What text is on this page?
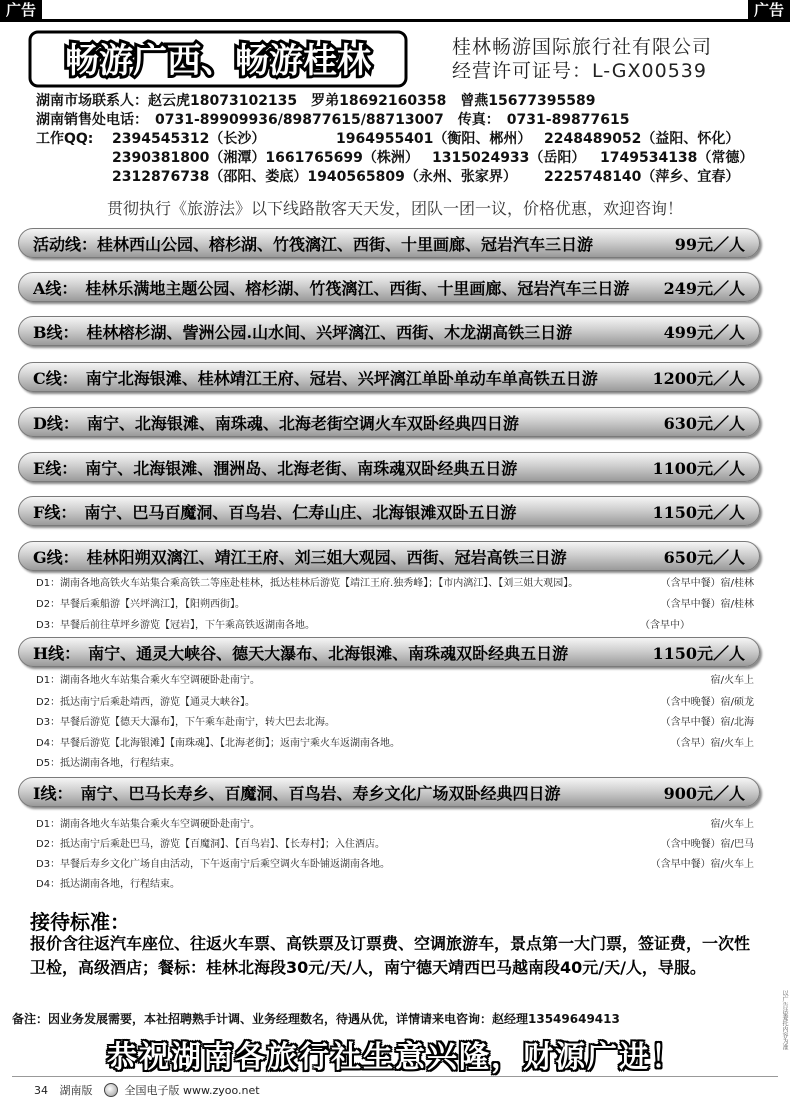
广告	广告
畅游广西、畅游桂林	桂林畅游国际旅行社有限公司
经营许可证号：L-GX00539
湖南市场联系人：赵云虎18073102135　罗弟18692160358　曾燕15677395589
湖南销售处电话：　0731-89909936/89877615/88713007　传真：　0731-89877615
工作QQ: 2394545312（长沙）	1964955401（衡阳、郴州） 2248489052（益阳、怀化）
2390381800（湘潭）1661765699（株洲） 1315024933（岳阳） 1749534138（常德）
2312876738（邵阳、娄底）1940565809（永州、张家界） 2225748140（萍乡、宜春）
贯彻执行《旅游法》以下线路散客天天发，团队一团一议，价格优惠，欢迎咨询！
活动线：桂林西山公园、榕杉湖、竹筏漓江、西街、十里画廊、冠岩汽车三日游	99元／人
A线：　桂林乐满地主题公园、榕杉湖、竹筏漓江、西街、十里画廊、冠岩汽车三日游	249元／人
B线：　桂林榕杉湖、訾洲公园.山水间、兴坪漓江、西街、木龙湖高铁三日游	499元／人
C线：　南宁北海银滩、桂林靖江王府、冠岩、兴坪漓江单卧单动车单高铁五日游	1200元／人
D线：　南宁、北海银滩、南珠魂、北海老街空调火车双卧经典四日游	630元／人
E线：　南宁、北海银滩、涠洲岛、北海老街、南珠魂双卧经典五日游	1100元／人
F线：　南宁、巴马百魔洞、百鸟岩、仁寿山庄、北海银滩双卧五日游	1150元／人
G线：　桂林阳朔双漓江、靖江王府、刘三姐大观园、西街、冠岩高铁三日游	650元／人
D1：湖南各地高铁火车站集合乘高铁二等座赴桂林，抵达桂林后游览【靖江王府.独秀峰】；【市内漓江】、【刘三姐大观园】。	（含早中餐）宿/桂林
D2：早餐后乘船游【兴坪漓江】，【阳朔西街】。	（含早中餐）宿/桂林
D3：早餐后前往草坪乡游览【冠岩】，下午乘高铁返湖南各地。	（含早中）
H线：　南宁、通灵大峡谷、德天大瀑布、北海银滩、南珠魂双卧经典五日游	1150元／人
D1：湖南各地火车站集合乘火车空调硬卧赴南宁。	宿/火车上
D2：抵达南宁后乘赴靖西，游览【通灵大峡谷】。	（含中晚餐）宿/硕龙
D3：早餐后游览【德天大瀑布】，下午乘车赴南宁，转大巴去北海。	（含早中餐）宿/北海
D4：早餐后游览【北海银滩】【南珠魂】、【北海老街】；返南宁乘火车返湖南各地。	（含早）宿/火车上
D5：抵达湖南各地，行程结束。
I线：　南宁、巴马长寿乡、百魔洞、百鸟岩、寿乡文化广场双卧经典四日游	900元／人
D1：湖南各地火车站集合乘火车空调硬卧赴南宁。	宿/火车上
D2：抵达南宁后乘赴巴马，游览【百魔洞】、【百鸟岩】、【长寿村】；入住酒店。	（含中晚餐）宿/巴马
D3：早餐后寿乡文化广场自由活动，下午返南宁后乘空调火车卧铺返湖南各地。	（含早中餐）宿/火车上
D4：抵达湖南各地，行程结束。
接待标准：
报价含往返汽车座位、往返火车票、高铁票及订票费、空调旅游车，景点第一大门票，签证费，一次性卫检，高级酒店；餐标：桂林北海段30元/天/人，南宁德天靖西巴马越南段40元/天/人，导服。
备注：因业务发展需要，本社招聘熟手计调、业务经理数名，待遇从优，详情请来电咨询：赵经理13549649413
恭祝湖南各旅行社生意兴隆，财源广进！
以广告法委托内容为准
34 湖南版	全国电子版 www.zyoo.net
